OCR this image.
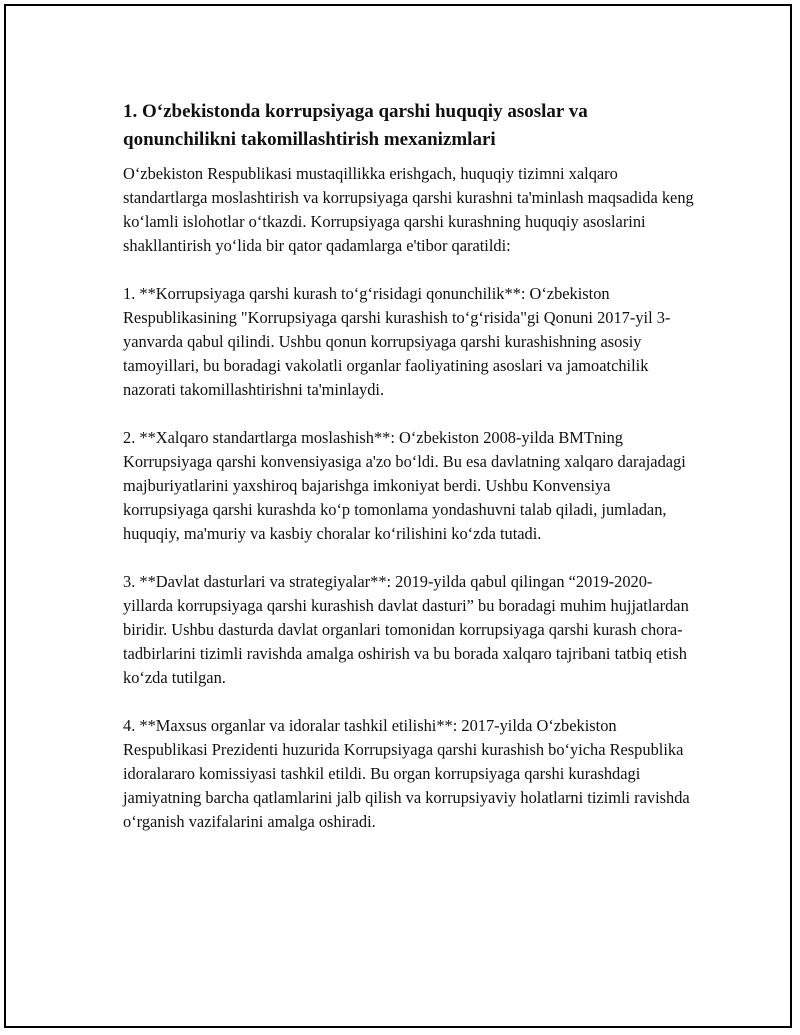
1. O‘zbekistonda korrupsiyaga qarshi huquqiy asoslar va qonunchilikni takomillashtirish mexanizmlari

O‘zbekiston Respublikasi mustaqillikka erishgach, huquqiy tizimni xalqaro standartlarga moslashtirish va korrupsiyaga qarshi kurashni ta'minlash maqsadida keng ko‘lamli islohotlar o‘tkazdi. Korrupsiyaga qarshi kurashning huquqiy asoslarini shakllantirish yo‘lida bir qator qadamlarga e'tibor qaratildi:

1. **Korrupsiyaga qarshi kurash to‘g‘risidagi qonunchilik**: O‘zbekiston Respublikasining "Korrupsiyaga qarshi kurashish to‘g‘risida"gi Qonuni 2017-yil 3-yanvarda qabul qilindi. Ushbu qonun korrupsiyaga qarshi kurashishning asosiy tamoyillari, bu boradagi vakolatli organlar faoliyatining asoslari va jamoatchilik nazorati takomillashtirishni ta'minlaydi.

2. **Xalqaro standartlarga moslashish**: O‘zbekiston 2008-yilda BMTning Korrupsiyaga qarshi konvensiyasiga a'zo bo‘ldi. Bu esa davlatning xalqaro darajadagi majburiyatlarini yaxshiroq bajarishga imkoniyat berdi. Ushbu Konvensiya korrupsiyaga qarshi kurashda ko‘p tomonlama yondashuvni talab qiladi, jumladan, huquqiy, ma'muriy va kasbiy choralar ko‘rilishini ko‘zda tutadi.

3. **Davlat dasturlari va strategiyalar**: 2019-yilda qabul qilingan “2019-2020-yillarda korrupsiyaga qarshi kurashish davlat dasturi” bu boradagi muhim hujjatlardan biridir. Ushbu dasturda davlat organlari tomonidan korrupsiyaga qarshi kurash chora-tadbirlarini tizimli ravishda amalga oshirish va bu borada xalqaro tajribani tatbiq etish ko‘zda tutilgan.

4. **Maxsus organlar va idoralar tashkil etilishi**: 2017-yilda O‘zbekiston Respublikasi Prezidenti huzurida Korrupsiyaga qarshi kurashish bo‘yicha Respublika idoralararo komissiyasi tashkil etildi. Bu organ korrupsiyaga qarshi kurashdagi jamiyatning barcha qatlamlarini jalb qilish va korrupsiyaviy holatlarni tizimli ravishda o‘rganish vazifalarini amalga oshiradi.
